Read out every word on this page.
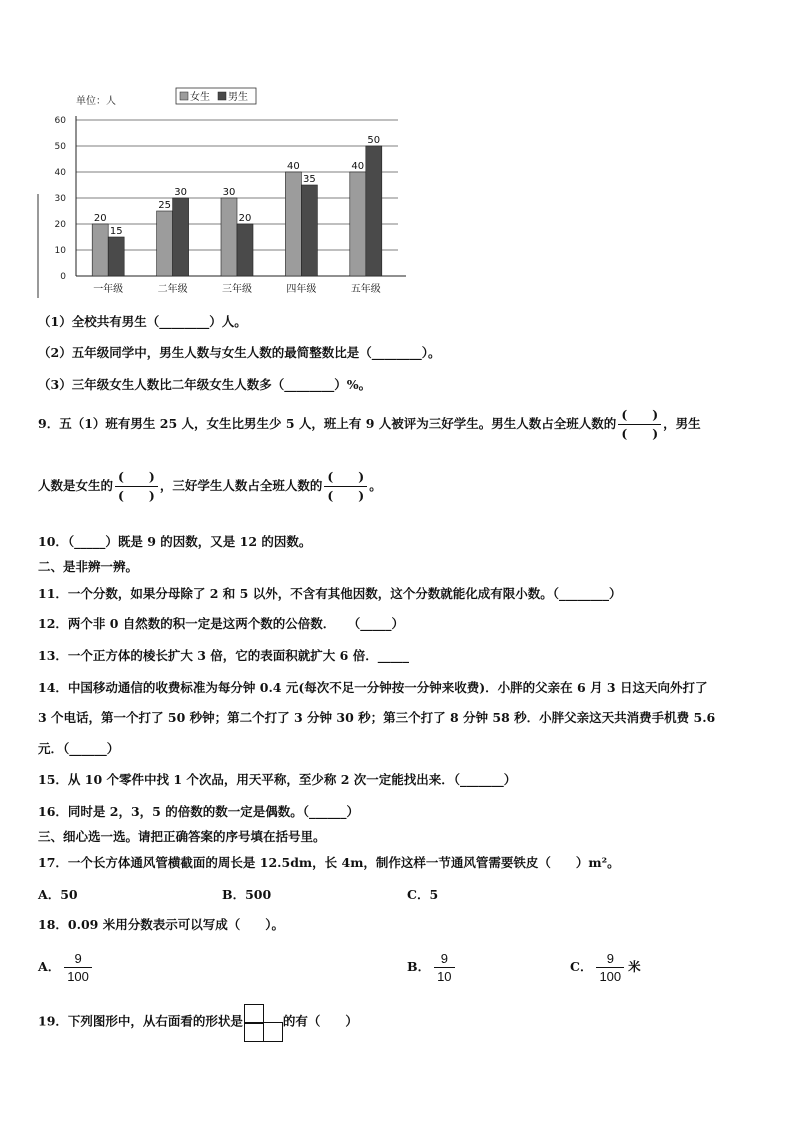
单位：人
0
10
20
30
40
50
60
女生 男生
20
15
一年级
25
30
二年级
30
20
三年级
40
35
四年级
40
50
五年级
（1）全校共有男生（________）人。
（2）五年级同学中，男生人数与女生人数的最简整数比是（________）。
（3）三年级女生人数比二年级女生人数多（________）%。
9．五（1）班有男生 25 人，女生比男生少 5 人，班上有 9 人被评为三好学生。男生人数占全班人数的 $\frac{( )}{( )}$ ，男生
人数是女生的 $\frac{( )}{( )}$ ，三好学生人数占全班人数的 $\frac{( )}{( )}$ 。
10．（_____）既是 9 的因数，又是 12 的因数。
二、是非辨一辨。
11．一个分数，如果分母除了 2 和 5 以外，不含有其他因数，这个分数就能化成有限小数。（________）
12．两个非 0 自然数的积一定是这两个数的公倍数．　　（_____）
13．一个正方体的棱长扩大 3 倍，它的表面积就扩大 6 倍．_____
14．中国移动通信的收费标准为每分钟 0.4 元(每次不足一分钟按一分钟来收费)．小胖的父亲在 6 月 3 日这天向外打了
3 个电话，第一个打了 50 秒钟；第二个打了 3 分钟 30 秒；第三个打了 8 分钟 58 秒．小胖父亲这天共消费手机费 5.6
元．（______）
15．从 10 个零件中找 1 个次品，用天平称，至少称 2 次一定能找出来．（_______）
16．同时是 2，3，5 的倍数的数一定是偶数。（______）
三、细心选一选。请把正确答案的序号填在括号里。
17．一个长方体通风管横截面的周长是 12.5dm，长 4m，制作这样一节通风管需要铁皮（　　）m²。
A．50	B．500	C．5
18．0.09 米用分数表示可以写成（　　）。
A． $\frac{9}{100}$	B． $\frac{9}{10}$	C． $\frac{9}{100}$ 米
19．下列图形中，从右面看的形状是	的有（　　）
